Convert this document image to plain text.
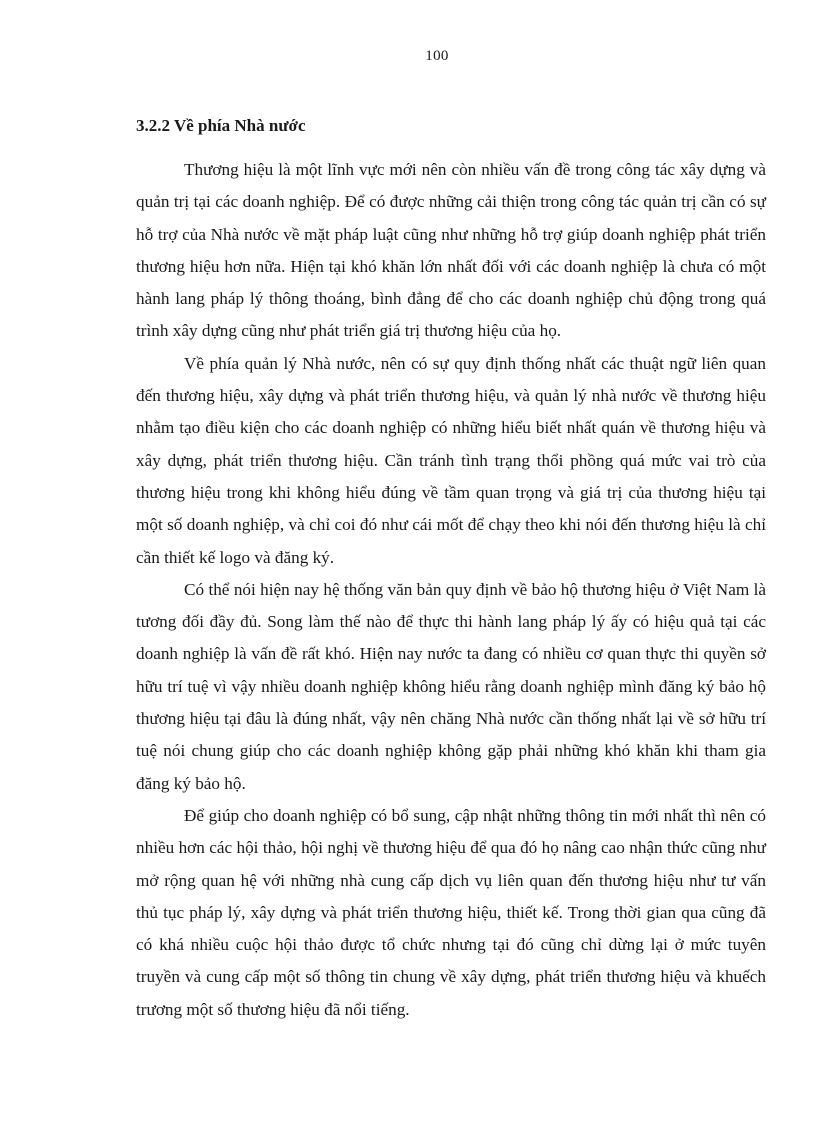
100
3.2.2 Về phía Nhà nước

Thương hiệu là một lĩnh vực mới nên còn nhiều vấn đề trong công tác xây dựng và quản trị tại các doanh nghiệp. Để có được những cải thiện trong công tác quản trị cần có sự hỗ trợ của Nhà nước về mặt pháp luật cũng như những hỗ trợ giúp doanh nghiệp phát triển thương hiệu hơn nữa. Hiện tại khó khăn lớn nhất đối với các doanh nghiệp là chưa có một hành lang pháp lý thông thoáng, bình đẳng để cho các doanh nghiệp chủ động trong quá trình xây dựng cũng như phát triển giá trị thương hiệu của họ.

Về phía quản lý Nhà nước, nên có sự quy định thống nhất các thuật ngữ liên quan đến thương hiệu, xây dựng và phát triển thương hiệu, và quản lý nhà nước về thương hiệu nhằm tạo điều kiện cho các doanh nghiệp có những hiểu biết nhất quán về thương hiệu và xây dựng, phát triển thương hiệu. Cần tránh tình trạng thổi phồng quá mức vai trò của thương hiệu trong khi không hiểu đúng về tầm quan trọng và giá trị của thương hiệu tại một số doanh nghiệp, và chỉ coi đó như cái mốt để chạy theo khi nói đến thương hiệu là chỉ cần thiết kế logo và đăng ký.

Có thể nói hiện nay hệ thống văn bản quy định về bảo hộ thương hiệu ở Việt Nam là tương đối đầy đủ. Song làm thế nào để thực thi hành lang pháp lý ấy có hiệu quả tại các doanh nghiệp là vấn đề rất khó. Hiện nay nước ta đang có nhiều cơ quan thực thi quyền sở hữu trí tuệ vì vậy nhiều doanh nghiệp không hiểu rằng doanh nghiệp mình đăng ký bảo hộ thương hiệu tại đâu là đúng nhất, vậy nên chăng Nhà nước cần thống nhất lại về sở hữu trí tuệ nói chung giúp cho các doanh nghiệp không gặp phải những khó khăn khi tham gia đăng ký bảo hộ.

Để giúp cho doanh nghiệp có bổ sung, cập nhật những thông tin mới nhất thì nên có nhiều hơn các hội thảo, hội nghị về thương hiệu để qua đó họ nâng cao nhận thức cũng như mở rộng quan hệ với những nhà cung cấp dịch vụ liên quan đến thương hiệu như tư vấn thủ tục pháp lý, xây dựng và phát triển thương hiệu, thiết kế. Trong thời gian qua cũng đã có khá nhiều cuộc hội thảo được tổ chức nhưng tại đó cũng chỉ dừng lại ở mức tuyên truyền và cung cấp một số thông tin chung về xây dựng, phát triển thương hiệu và khuếch trương một số thương hiệu đã nổi tiếng.
